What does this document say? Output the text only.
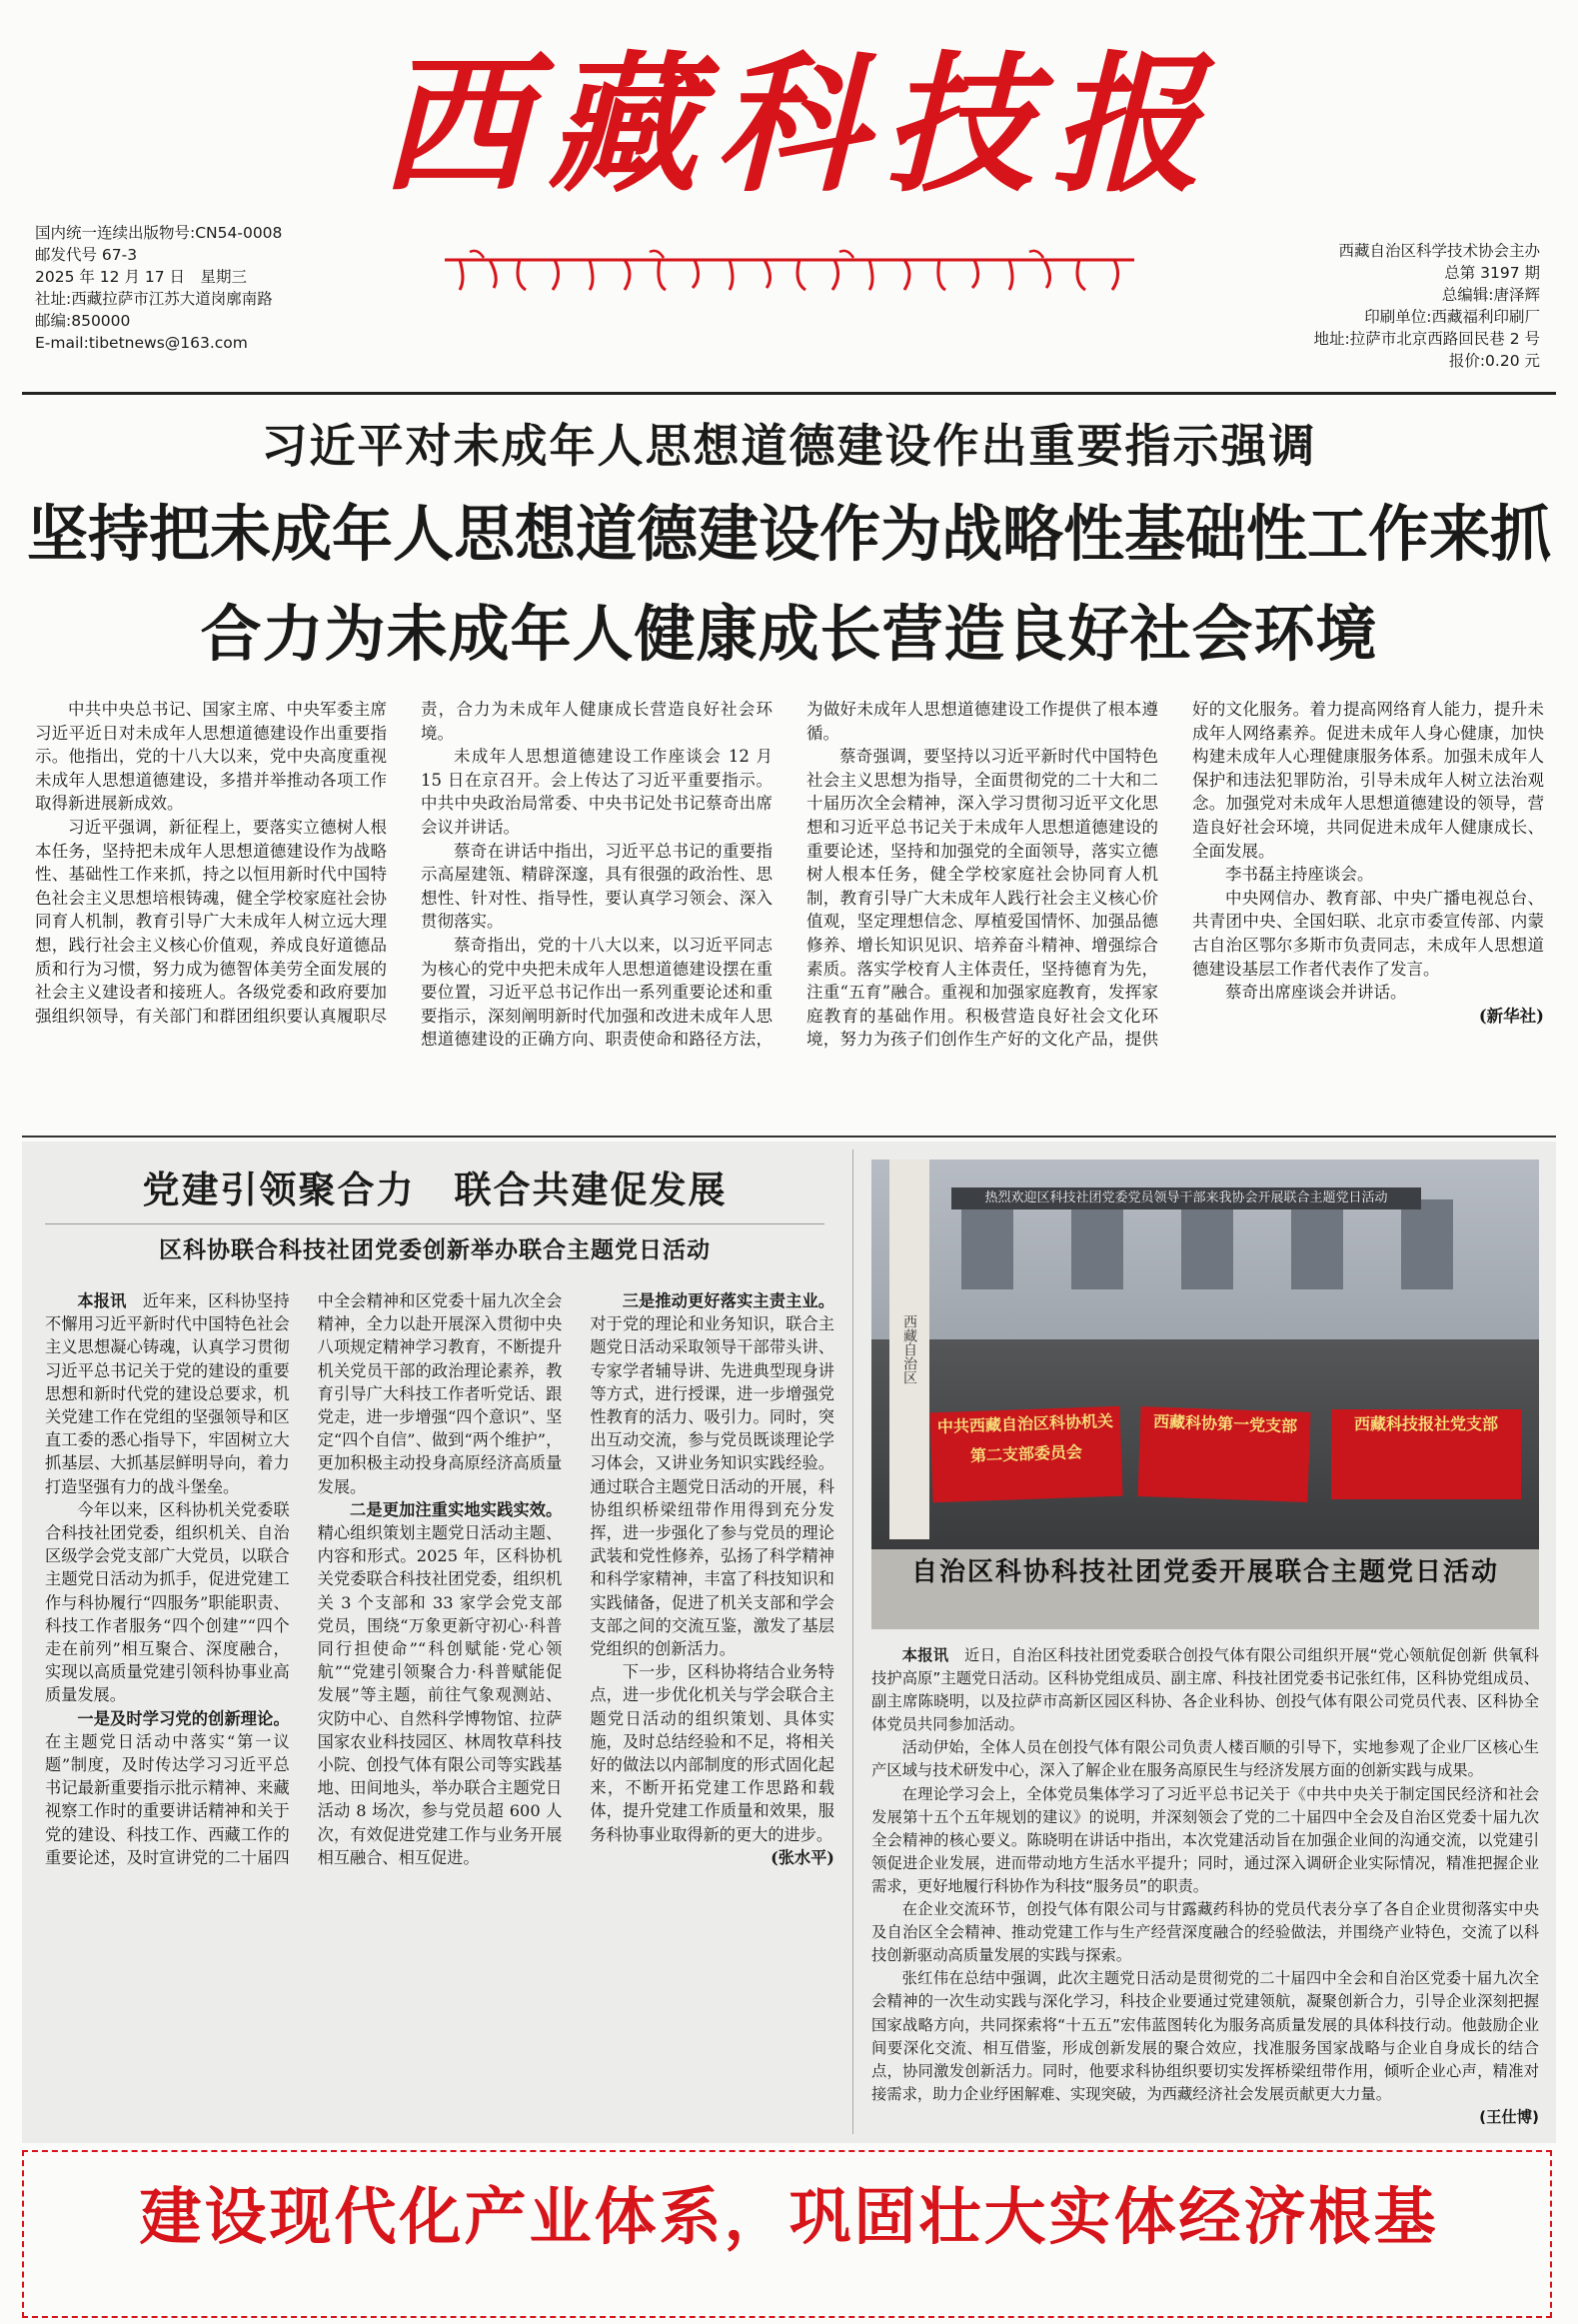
国内统一连续出版物号:CN54-0008
邮发代号 67-3
2025 年 12 月 17 日　星期三
社址:西藏拉萨市江苏大道岗廓南路
邮编:850000
E-mail:tibetnews@163.com
西藏科技报
西藏自治区科学技术协会主办
总第 3197 期
总编辑:唐泽辉
印刷单位:西藏福利印刷厂
地址:拉萨市北京西路回民巷 2 号
报价:0.20 元
习近平对未成年人思想道德建设作出重要指示强调
坚持把未成年人思想道德建设作为战略性基础性工作来抓
合力为未成年人健康成长营造良好社会环境

中共中央总书记、国家主席、中央军委主席习近平近日对未成年人思想道德建设作出重要指示。他指出，党的十八大以来，党中央高度重视未成年人思想道德建设，多措并举推动各项工作取得新进展新成效。

习近平强调，新征程上，要落实立德树人根本任务，坚持把未成年人思想道德建设作为战略性、基础性工作来抓，持之以恒用新时代中国特色社会主义思想培根铸魂，健全学校家庭社会协同育人机制，教育引导广大未成年人树立远大理想，践行社会主义核心价值观，养成良好道德品质和行为习惯，努力成为德智体美劳全面发展的社会主义建设者和接班人。各级党委和政府要加强组织领导，有关部门和群团组织要认真履职尽责，合力为未成年人健康成长营造良好社会环境。

未成年人思想道德建设工作座谈会 12 月 15 日在京召开。会上传达了习近平重要指示。中共中央政治局常委、中央书记处书记蔡奇出席会议并讲话。

蔡奇在讲话中指出，习近平总书记的重要指示高屋建瓴、精辟深邃，具有很强的政治性、思想性、针对性、指导性，要认真学习领会、深入贯彻落实。

蔡奇指出，党的十八大以来，以习近平同志为核心的党中央把未成年人思想道德建设摆在重要位置，习近平总书记作出一系列重要论述和重要指示，深刻阐明新时代加强和改进未成年人思想道德建设的正确方向、职责使命和路径方法，为做好未成年人思想道德建设工作提供了根本遵循。

蔡奇强调，要坚持以习近平新时代中国特色社会主义思想为指导，全面贯彻党的二十大和二十届历次全会精神，深入学习贯彻习近平文化思想和习近平总书记关于未成年人思想道德建设的重要论述，坚持和加强党的全面领导，落实立德树人根本任务，健全学校家庭社会协同育人机制，教育引导广大未成年人践行社会主义核心价值观，坚定理想信念、厚植爱国情怀、加强品德修养、增长知识见识、培养奋斗精神、增强综合素质。落实学校育人主体责任，坚持德育为先，注重“五育”融合。重视和加强家庭教育，发挥家庭教育的基础作用。积极营造良好社会文化环境，努力为孩子们创作生产好的文化产品，提供好的文化服务。着力提高网络育人能力，提升未成年人网络素养。促进未成年人身心健康，加快构建未成年人心理健康服务体系。加强未成年人保护和违法犯罪防治，引导未成年人树立法治观念。加强党对未成年人思想道德建设的领导，营造良好社会环境，共同促进未成年人健康成长、全面发展。

李书磊主持座谈会。

中央网信办、教育部、中央广播电视总台、共青团中央、全国妇联、北京市委宣传部、内蒙古自治区鄂尔多斯市负责同志，未成年人思想道德建设基层工作者代表作了发言。

蔡奇出席座谈会并讲话。

(新华社)

党建引领聚合力　联合共建促发展
区科协联合科技社团党委创新举办联合主题党日活动

本报讯　 近年来，区科协坚持不懈用习近平新时代中国特色社会主义思想凝心铸魂，认真学习贯彻习近平总书记关于党的建设的重要思想和新时代党的建设总要求，机关党建工作在党组的坚强领导和区直工委的悉心指导下，牢固树立大抓基层、大抓基层鲜明导向，着力打造坚强有力的战斗堡垒。

今年以来，区科协机关党委联合科技社团党委，组织机关、自治区级学会党支部广大党员，以联合主题党日活动为抓手，促进党建工作与科协履行“四服务”职能职责、科技工作者服务“四个创建”“四个走在前列”相互聚合、深度融合，实现以高质量党建引领科协事业高质量发展。

一是及时学习党的创新理论。在主题党日活动中落实“第一议题”制度，及时传达学习习近平总书记最新重要指示批示精神、来藏视察工作时的重要讲话精神和关于党的建设、科技工作、西藏工作的重要论述，及时宣讲党的二十届四中全会精神和区党委十届九次全会精神，全力以赴开展深入贯彻中央八项规定精神学习教育，不断提升机关党员干部的政治理论素养，教育引导广大科技工作者听党话、跟党走，进一步增强“四个意识”、坚定“四个自信”、做到“两个维护”，更加积极主动投身高原经济高质量发展。

二是更加注重实地实践实效。精心组织策划主题党日活动主题、内容和形式。2025 年，区科协机关党委联合科技社团党委，组织机关 3 个支部和 33 家学会党支部党员，围绕“万象更新守初心·科普同行担使命”“科创赋能·党心领航”“党建引领聚合力·科普赋能促发展”等主题，前往气象观测站、灾防中心、自然科学博物馆、拉萨国家农业科技园区、林周牧草科技小院、创投气体有限公司等实践基地、田间地头，举办联合主题党日活动 8 场次，参与党员超 600 人次，有效促进党建工作与业务开展相互融合、相互促进。

三是推动更好落实主责主业。对于党的理论和业务知识，联合主题党日活动采取领导干部带头讲、专家学者辅导讲、先进典型现身讲等方式，进行授课，进一步增强党性教育的活力、吸引力。同时，突出互动交流，参与党员既谈理论学习体会，又讲业务知识实践经验。通过联合主题党日活动的开展，科协组织桥梁纽带作用得到充分发挥，进一步强化了参与党员的理论武装和党性修养，弘扬了科学精神和科学家精神，丰富了科技知识和实践储备，促进了机关支部和学会支部之间的交流互鉴，激发了基层党组织的创新活力。

下一步，区科协将结合业务特点，进一步优化机关与学会联合主题党日活动的组织策划、具体实施，及时总结经验和不足，将相关好的做法以内部制度的形式固化起来，不断开拓党建工作思路和载体，提升党建工作质量和效果，服务科协事业取得新的更大的进步。

(张水平)

热烈欢迎区科技社团党委党员领导干部来我协会开展联合主题党日活动
西藏自治区
中共西藏自治区科协机关第二支部委员会
西藏科协第一党支部	西藏科技报社党支部
自治区科协科技社团党委开展联合主题党日活动

本报讯　 近日，自治区科技社团党委联合创投气体有限公司组织开展“党心领航促创新 供氧科技护高原”主题党日活动。区科协党组成员、副主席、科技社团党委书记张红伟，区科协党组成员、副主席陈晓明，以及拉萨市高新区园区科协、各企业科协、创投气体有限公司党员代表、区科协全体党员共同参加活动。

活动伊始，全体人员在创投气体有限公司负责人楼百顺的引导下，实地参观了企业厂区核心生产区域与技术研发中心，深入了解企业在服务高原民生与经济发展方面的创新实践与成果。

在理论学习会上，全体党员集体学习了习近平总书记关于《中共中央关于制定国民经济和社会发展第十五个五年规划的建议》的说明，并深刻领会了党的二十届四中全会及自治区党委十届九次全会精神的核心要义。陈晓明在讲话中指出，本次党建活动旨在加强企业间的沟通交流，以党建引领促进企业发展，进而带动地方生活水平提升；同时，通过深入调研企业实际情况，精准把握企业需求，更好地履行科协作为科技“服务员”的职责。

在企业交流环节，创投气体有限公司与甘露藏药科协的党员代表分享了各自企业贯彻落实中央及自治区全会精神、推动党建工作与生产经营深度融合的经验做法，并围绕产业特色，交流了以科技创新驱动高质量发展的实践与探索。

张红伟在总结中强调，此次主题党日活动是贯彻党的二十届四中全会和自治区党委十届九次全会精神的一次生动实践与深化学习，科技企业要通过党建领航，凝聚创新合力，引导企业深刻把握国家战略方向，共同探索将“十五五”宏伟蓝图转化为服务高质量发展的具体科技行动。他鼓励企业间要深化交流、相互借鉴，形成创新发展的聚合效应，找准服务国家战略与企业自身成长的结合点，协同激发创新活力。同时，他要求科协组织要切实发挥桥梁纽带作用，倾听企业心声，精准对接需求，助力企业纾困解难、实现突破，为西藏经济社会发展贡献更大力量。

(王仕博)

建设现代化产业体系，巩固壮大实体经济根基
